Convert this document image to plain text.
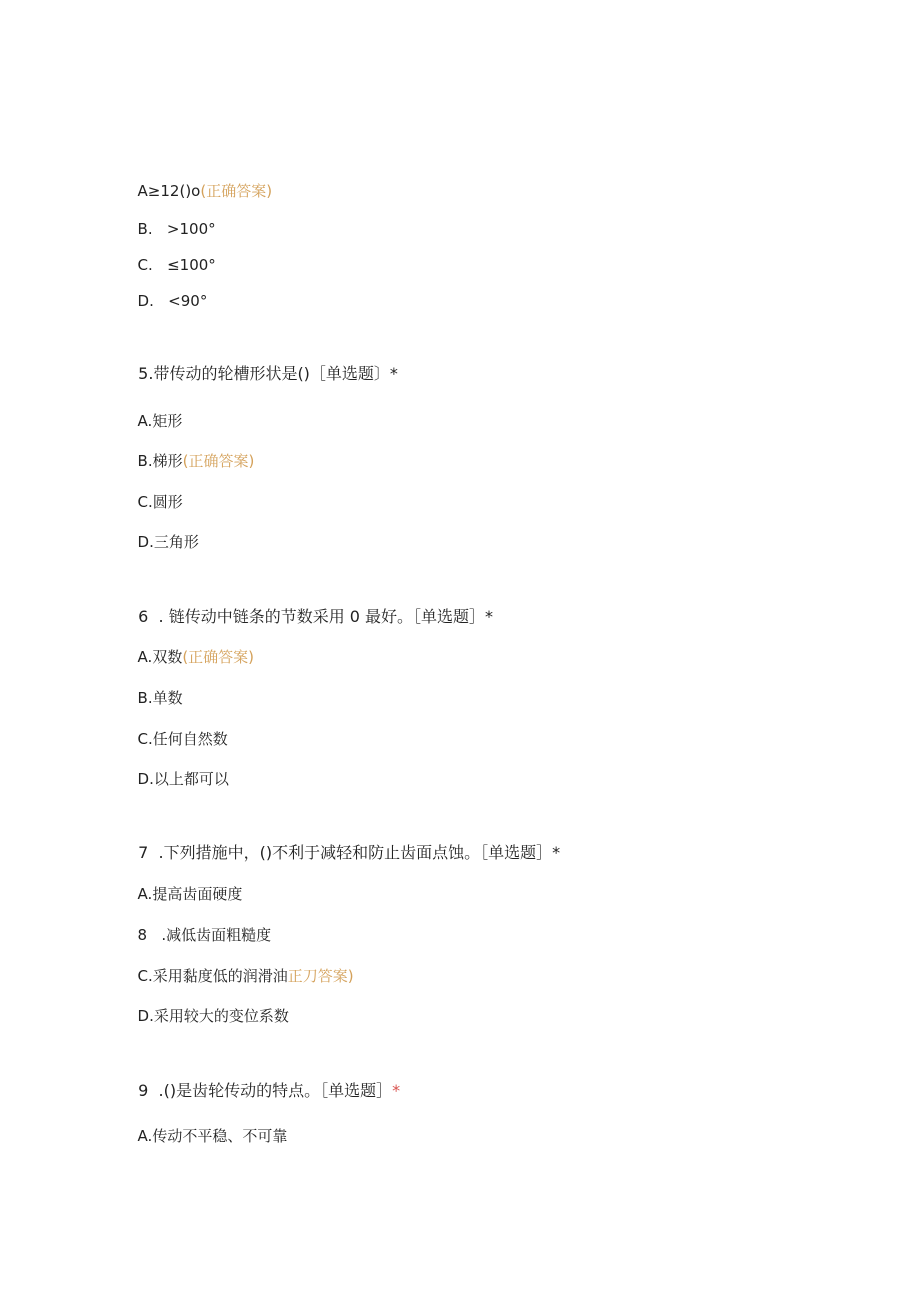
A≥12()o(正确答案)

B.   >100°

C.   ≤100°

D.   <90°

5.带传动的轮槽形状是()［单选题〕*

A.矩形

B.梯形(正确答案)

C.圆形

D.三角形

6  . 链传动中链条的节数采用 0 最好。［单选题］*

A.双数(正确答案)

B.单数

C.任何自然数

D.以上都可以

7  .下列措施中，()不利于减轻和防止齿面点蚀。［单选题］*

A.提高齿面硬度

8   .减低齿面粗糙度

C.采用黏度低的润滑油正刀答案)

D.采用较大的变位系数

9  .()是齿轮传动的特点。［单选题］*

A.传动不平稳、不可靠
